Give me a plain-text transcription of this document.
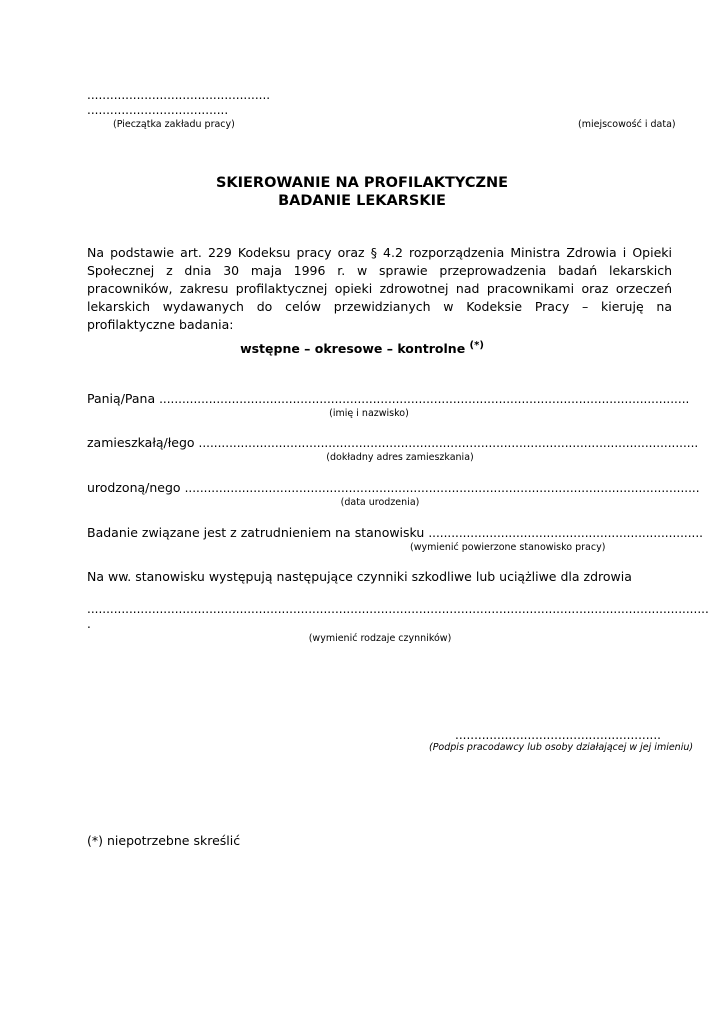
................................................
.....................................
(Pieczątka zakładu pracy)	(miejscowość i data)
SKIEROWANIE NA PROFILAKTYCZNE
BADANIE LEKARSKIE
Na podstawie art. 229 Kodeksu pracy oraz § 4.2 rozporządzenia Ministra Zdrowia i Opieki Społecznej z dnia 30 maja 1996 r. w sprawie przeprowadzenia badań lekarskich pracowników, zakresu profilaktycznej opieki zdrowotnej nad pracownikami oraz orzeczeń lekarskich wydawanych do celów przewidzianych w Kodeksie Pracy – kieruję na profilaktyczne badania:
wstępne – okresowe – kontrolne (*)
Panią/Pana ...........................................................................................................................................
(imię i nazwisko)
zamieszkałą/łego ...................................................................................................................................
(dokładny adres zamieszkania)
urodzoną/nego .......................................................................................................................................
(data urodzenia)
Badanie związane jest z zatrudnieniem na stanowisku ........................................................................
(wymienić powierzone stanowisko pracy)
Na ww. stanowisku występują następujące czynniki szkodliwe lub uciążliwe dla zdrowia
...................................................................................................................................................................
.
(wymienić rodzaje czynników)
......................................................
(Podpis pracodawcy lub osoby działającej w jej imieniu)
(*) niepotrzebne skreślić
